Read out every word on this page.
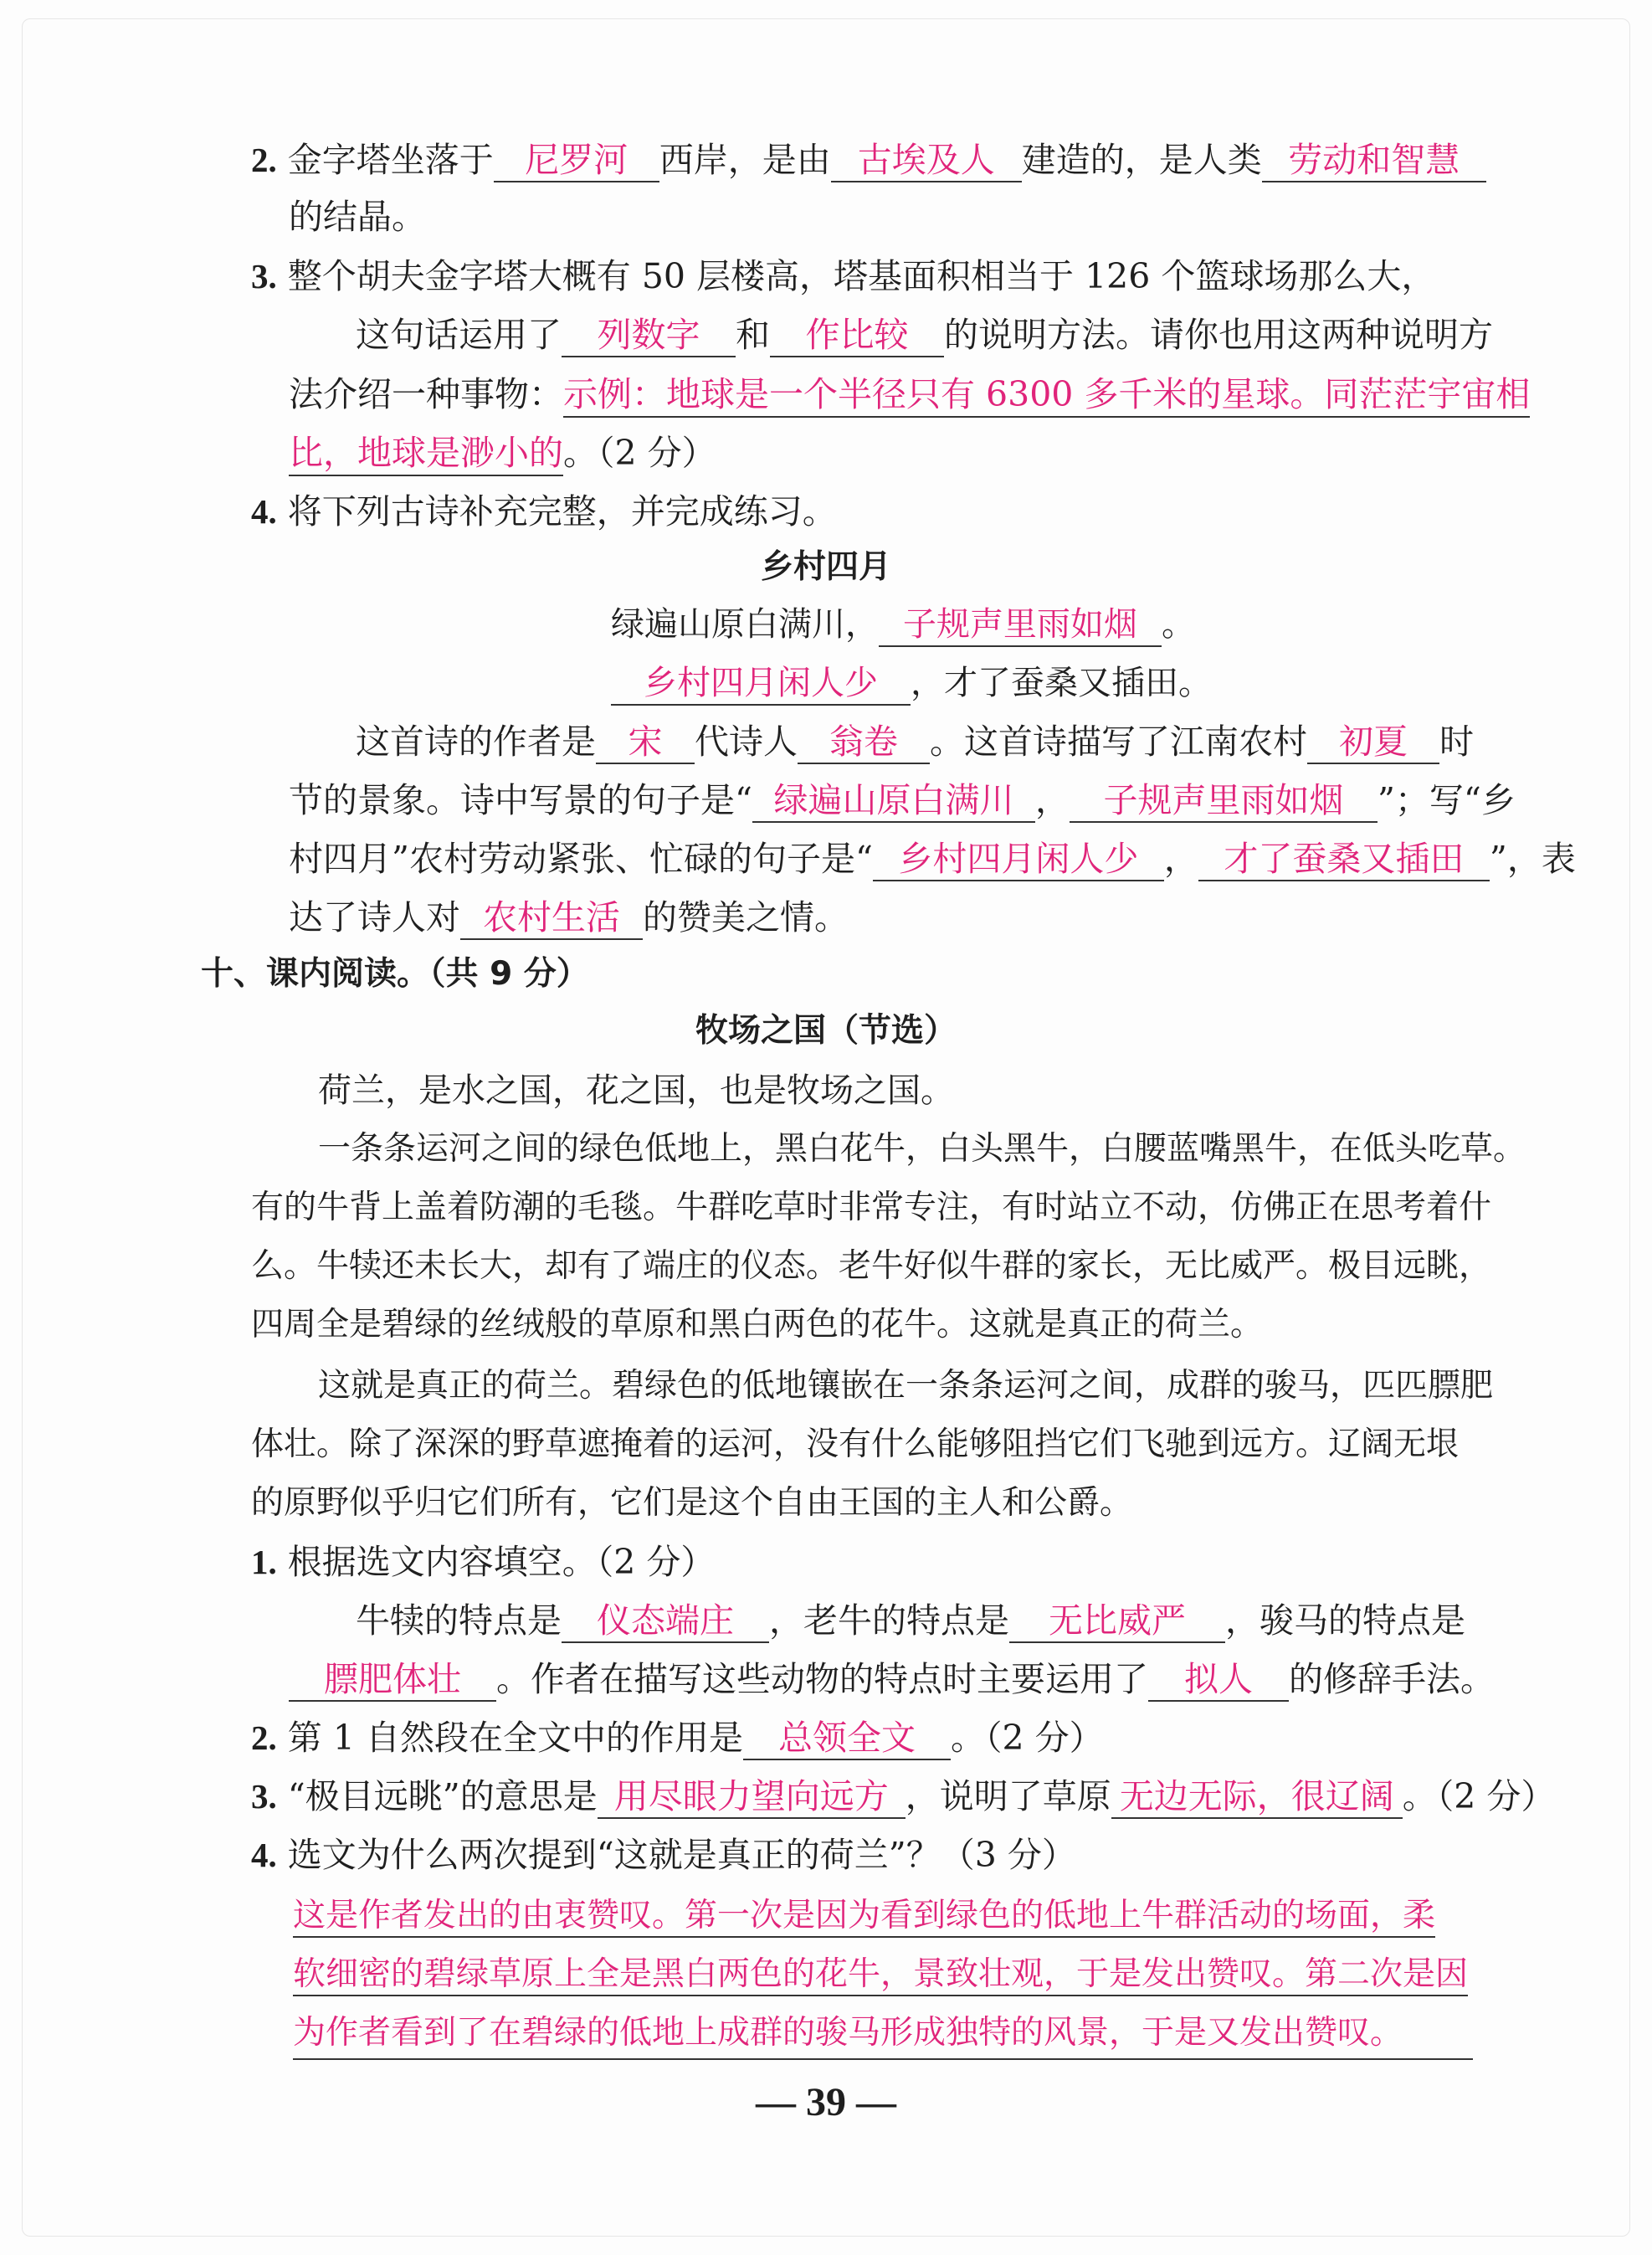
2. 金字塔坐落于 尼罗河 西岸，是由 古埃及人 建造的，是人类 劳动和智慧
的结晶。
3. 整个胡夫金字塔大概有 50 层楼高，塔基面积相当于 126 个篮球场那么大，
这句话运用了 列数字 和 作比较 的说明方法。请你也用这两种说明方
法介绍一种事物：示例：地球是一个半径只有 6300 多千米的星球。同茫茫宇宙相
比，地球是渺小的。（2 分）
4. 将下列古诗补充完整，并完成练习。
乡村四月
绿遍山原白满川， 子规声里雨如烟 。
乡村四月闲人少 ，才了蚕桑又插田。
这首诗的作者是 宋 代诗人 翁卷 。这首诗描写了江南农村 初夏 时
节的景象。诗中写景的句子是“ 绿遍山原白满川 ， 子规声里雨如烟 ”；写“乡
村四月”农村劳动紧张、忙碌的句子是“ 乡村四月闲人少 ， 才了蚕桑又插田 ”，表
达了诗人对 农村生活 的赞美之情。
十、课内阅读。（共 9 分）
牧场之国（节选）
荷兰，是水之国，花之国，也是牧场之国。
一条条运河之间的绿色低地上，黑白花牛，白头黑牛，白腰蓝嘴黑牛，在低头吃草。
有的牛背上盖着防潮的毛毯。牛群吃草时非常专注，有时站立不动，仿佛正在思考着什
么。牛犊还未长大，却有了端庄的仪态。老牛好似牛群的家长，无比威严。极目远眺，
四周全是碧绿的丝绒般的草原和黑白两色的花牛。这就是真正的荷兰。
这就是真正的荷兰。碧绿色的低地镶嵌在一条条运河之间，成群的骏马，匹匹膘肥
体壮。除了深深的野草遮掩着的运河，没有什么能够阻挡它们飞驰到远方。辽阔无垠
的原野似乎归它们所有，它们是这个自由王国的主人和公爵。
1. 根据选文内容填空。（2 分）
牛犊的特点是 仪态端庄 ，老牛的特点是 无比威严 ，骏马的特点是
膘肥体壮 。作者在描写这些动物的特点时主要运用了 拟人 的修辞手法。
2. 第 1 自然段在全文中的作用是 总领全文 。（2 分）
3. “极目远眺”的意思是 用尽眼力望向远方 ，说明了草原 无边无际，很辽阔 。（2 分）
4. 选文为什么两次提到“这就是真正的荷兰”？（3 分）
这是作者发出的由衷赞叹。第一次是因为看到绿色的低地上牛群活动的场面，柔
软细密的碧绿草原上全是黑白两色的花牛，景致壮观，于是发出赞叹。第二次是因
为作者看到了在碧绿的低地上成群的骏马形成独特的风景，于是又发出赞叹。
— 39 —
